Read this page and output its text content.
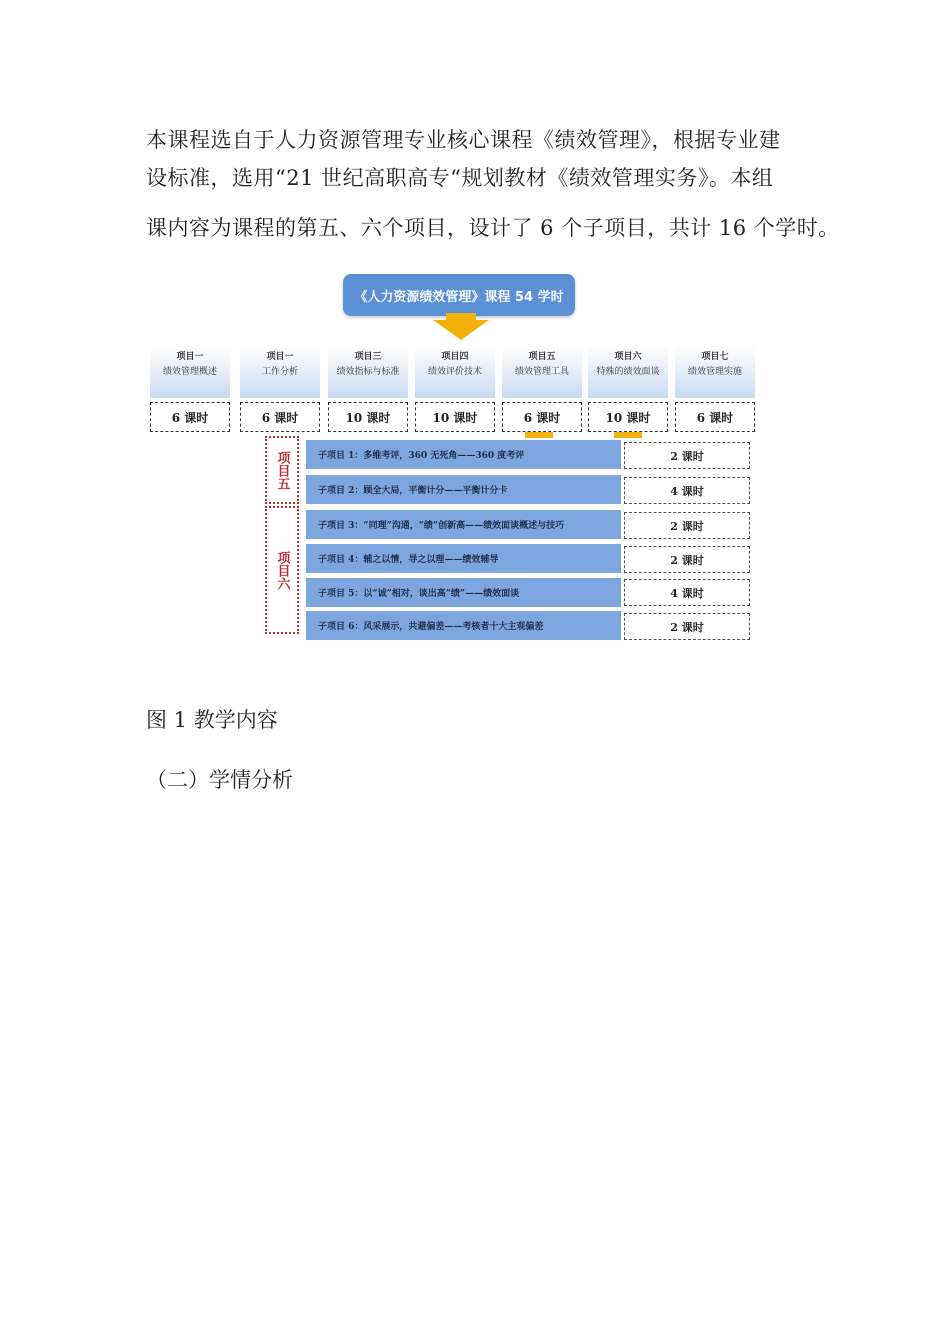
本课程选自于人力资源管理专业核心课程《绩效管理》，根据专业建
设标准，选用“21 世纪高职高专“规划教材《绩效管理实务》。本组
课内容为课程的第五、六个项目，设计了 6 个子项目，共计 16 个学时。
《人力资源绩效管理》课程 54 学时
项目一
绩效管理概述
项目一
工作分析
项目三
绩效指标与标准
项目四
绩效评价技术
项目五
绩效管理工具
项目六
特殊的绩效面谈
项目七
绩效管理实施
6 课时	6 课时	10 课时	10 课时	6 课时	10 课时	6 课时
项目五
项目六
子项目 1：多维考评，360 无死角——360 度考评	2 课时
子项目 2：顾全大局，平衡计分——平衡计分卡	4 课时
子项目 3：“同理”沟通，“绩”创新高——绩效面谈概述与技巧	2 课时
子项目 4：辅之以情，导之以理——绩效辅导	2 课时
子项目 5：以“诚”相对，谈出高“绩”——绩效面谈	4 课时
子项目 6：风采展示，共避偏差——考核者十大主观偏差	2 课时
图 1 教学内容
（二）学情分析
